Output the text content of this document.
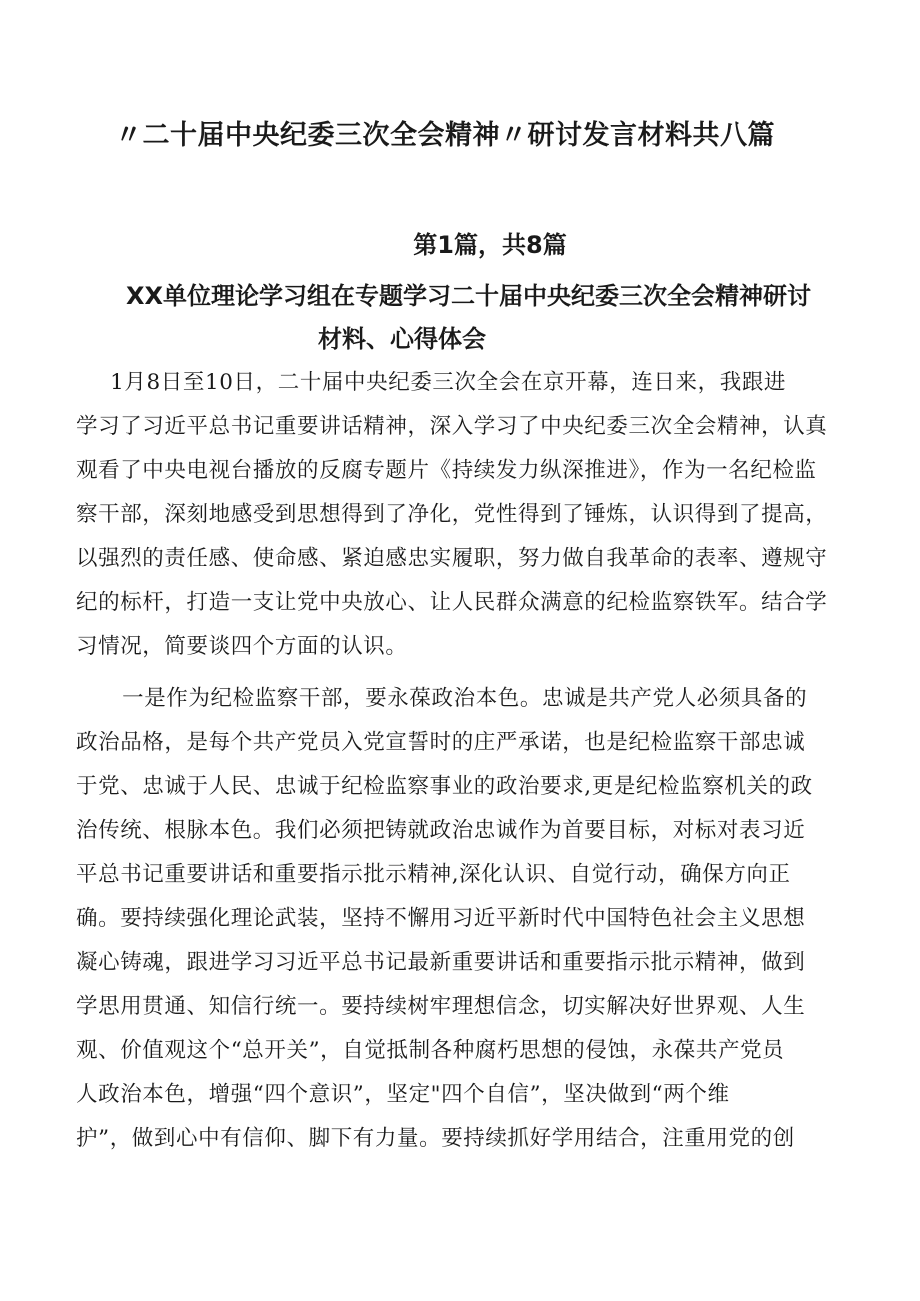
〃二十届中央纪委三次全会精神〃研讨发言材料共八篇
第1篇，共8篇
XX单位理论学习组在专题学习二十届中央纪委三次全会精神研讨
材料、心得体会
　1月8日至10日，二十届中央纪委三次全会在京开幕，连日来，我跟进
学习了习近平总书记重要讲话精神，深入学习了中央纪委三次全会精神，认真
观看了中央电视台播放的反腐专题片《持续发力纵深推进》，作为一名纪检监
察干部，深刻地感受到思想得到了净化，党性得到了锤炼，认识得到了提高，
以强烈的责任感、使命感、紧迫感忠实履职，努力做自我革命的表率、遵规守
纪的标杆，打造一支让党中央放心、让人民群众满意的纪检监察铁军。结合学
习情况，简要谈四个方面的认识。
　一是作为纪检监察干部，要永葆政治本色。忠诚是共产党人必须具备的
政治品格，是每个共产党员入党宣誓时的庄严承诺，也是纪检监察干部忠诚
于党、忠诚于人民、忠诚于纪检监察事业的政治要求,更是纪检监察机关的政
治传统、根脉本色。我们必须把铸就政治忠诚作为首要目标，对标对表习近
平总书记重要讲话和重要指示批示精神,深化认识、自觉行动，确保方向正
确。要持续强化理论武装，坚持不懈用习近平新时代中国特色社会主义思想
凝心铸魂，跟进学习习近平总书记最新重要讲话和重要指示批示精神，做到
学思用贯通、知信行统一。要持续树牢理想信念，切实解决好世界观、人生
观、价值观这个“总开关”，自觉抵制各种腐朽思想的侵蚀，永葆共产党员
人政治本色，增强“四个意识”，坚定"四个自信”，坚决做到“两个维
护”，做到心中有信仰、脚下有力量。要持续抓好学用结合，注重用党的创
